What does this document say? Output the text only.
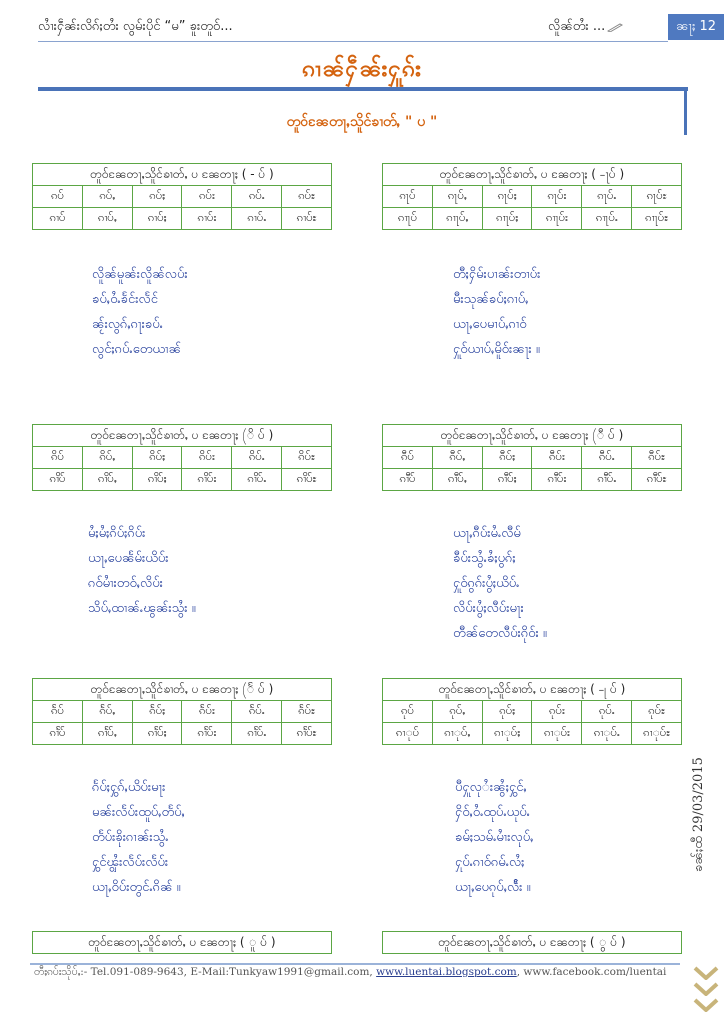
လၢႆးႁဵၼ်းလိၵ်ႈတႆး လွမ်းပိုင် “မ” ၶူးတူဝ်...	လိူၼ်တႆး ...	ၼႃႈ 12
ၵၢၼ်ႁဵၼ်းႁူၵ်း
တူဝ်ၼႄတႃႇသိူင်ၶၢတ်ႇ " ပ "
တူဝ်ၼႄတႃႇသိူင်ၶၢတ်ႇ ပ ၼႄတႃႈ ( - ပ် )					
ၵပ်	ၵပ်ႇ	ၵပ်ႈ	ၵပ်း	ၵပ်ႉ	ၵပ်ႊ
ၵၢပ်	ၵၢပ်ႇ	ၵၢပ်ႈ	ၵၢပ်း	ၵၢပ်ႉ	ၵၢပ်ႊ
တူဝ်ၼႄတႃႇသိူင်ၶၢတ်ႇ ပ ၼႄတႃႈ ( -ႃပ် )					
ၵႃပ်	ၵႃပ်ႇ	ၵႃပ်ႈ	ၵႃပ်း	ၵႃပ်ႉ	ၵႃပ်ႊ
ၵၢႃပ်	ၵၢႃပ်ႇ	ၵၢႃပ်ႈ	ၵၢႃပ်း	ၵၢႃပ်ႉ	ၵၢႃပ်ႊ
တူဝ်ၼႄတႃႇသိူင်ၶၢတ်ႇ ပ ၼႄတႃႈ (ိ ပ် )					
ၵိပ်	ၵိပ်ႇ	ၵိပ်ႈ	ၵိပ်း	ၵိပ်ႉ	ၵိပ်ႊ
ၵၢိပ်	ၵၢိပ်ႇ	ၵၢိပ်ႈ	ၵၢိပ်း	ၵၢိပ်ႉ	ၵၢိပ်ႊ
တူဝ်ၼႄတႃႇသိူင်ၶၢတ်ႇ ပ ၼႄတႃႈ (ီ ပ် )					
ၵီပ်	ၵီပ်ႇ	ၵီပ်ႈ	ၵီပ်း	ၵီပ်ႉ	ၵီပ်ႊ
ၵၢီပ်	ၵၢီပ်ႇ	ၵၢီပ်ႈ	ၵၢီပ်း	ၵၢီပ်ႉ	ၵၢီပ်ႊ
တူဝ်ၼႄတႃႇသိူင်ၶၢတ်ႇ ပ ၼႄတႃႈ (ႅ ပ် )					
ၵႅပ်	ၵႅပ်ႇ	ၵႅပ်ႈ	ၵႅပ်း	ၵႅပ်ႉ	ၵႅပ်ႊ
ၵၢႅပ်	ၵၢႅပ်ႇ	ၵၢႅပ်ႈ	ၵၢႅပ်း	ၵၢႅပ်ႉ	ၵၢႅပ်ႊ
တူဝ်ၼႄတႃႇသိူင်ၶၢတ်ႇ ပ ၼႄတႃႈ ( -ု ပ် )					
ၵုပ်	ၵုပ်ႇ	ၵုပ်ႈ	ၵုပ်း	ၵုပ်ႉ	ၵုပ်ႊ
ၵၢုပ်	ၵၢုပ်ႇ	ၵၢုပ်ႈ	ၵၢုပ်း	ၵၢုပ်ႉ	ၵၢုပ်ႊ
တူဝ်ၼႄတႃႇသိူင်ၶၢတ်ႇ ပ ၼႄတႃႈ ( ူ ပ် )	တူဝ်ၼႄတႃႇသိူင်ၶၢတ်ႇ ပ ၼႄတႃႈ ( ွ ပ် )
လိူၼ်မူၼ်းလိူၼ်လပ်း
ၶပ်ႇဝႆႉၶႅင်းလႅင်
ၼႂ်းလွၵ်ႇၵႃးၶပ်ႉ
လွင်ႈၵပ်ႉတေယၢၼ်
တီႈႁိမ်းပၢၼ်းတၢပ်း
မီးသုၼ်ၶပ်ႈၵၢပ်ႇ
ယႃႇပေမၢပ်ႇၵၢဝ်
ႁူဝ်ယၢပ်ႇမိူဝ်းၼႃး ။
မႆႈမႆႈၵိပ်ႈၵိပ်း
ယႃႇပေၼႅမ်းယိပ်း
ၵဝ်မၢႆးတဝ်ႇလိပ်း
သိပ်ႇထၢၼ်ႉၽွၼ်းသွႆး ။
ယႃႇၵီပ်းမႆႉလီမ်
ၶီပ်းသွႆႉၶႆႈပွၵ်ႈ
ႁူဝ်ၵွၵ်းပွႆႈယိပ်ႉ
လိပ်းပွႆႈလီပ်းမႃး
တီၼ်တေလီပ်းၵိုဝ်း ။
ၵႅပ်ႈႁွၵ်ႇယိပ်းမႃး
မၼ်းလႅပ်းထူပ်ႇတႅပ်ႇ
တႅပ်းၶိုးၵၢၼ်းသွႆႉ
ႁွင်ၾွႆးလႅပ်းလႅပ်း
ယႃႇဝိပ်းတွင်ႉၵိၼ် ။
ပီႁူလုႆးၼွႆႈႁွင်ႇ
ႁိဝ်ႇဝႆႉထုပ်ႉယုပ်ႉ
ၶမ်ႈသမ်ႉမၢႆးလုပ်ႇ
ႁုပ်ႉၵၢဝ်ၵမ်ႉလႆႈ
ယႃႇပေၵုပ်ႇလႅႆး ။
ၶၼ်ႈထီ 29/03/2015
တီႈၵပ်းသိုပ်ႇ:- Tel.091-089-9643, E-Mail:Tunkyaw1991@gmail.com, www.luentai.blogspot.com, www.facebook.com/luentai
